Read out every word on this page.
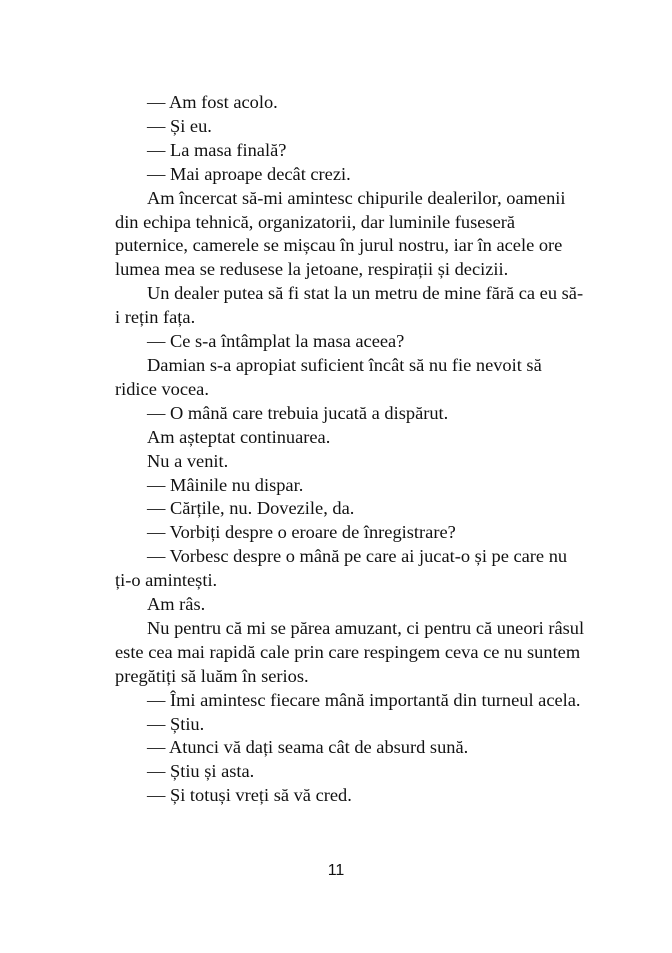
— Am fost acolo.

— Și eu.

— La masa finală?

— Mai aproape decât crezi.

Am încercat să-mi amintesc chipurile dealerilor, oamenii din echipa tehnică, organizatorii, dar luminile fuseseră puternice, camerele se mișcau în jurul nostru, iar în acele ore lumea mea se redusese la jetoane, respirații și decizii.

Un dealer putea să fi stat la un metru de mine fără ca eu să-i rețin fața.

— Ce s-a întâmplat la masa aceea?

Damian s-a apropiat suficient încât să nu fie nevoit să ridice vocea.

— O mână care trebuia jucată a dispărut.

Am așteptat continuarea.

Nu a venit.

— Mâinile nu dispar.

— Cărțile, nu. Dovezile, da.

— Vorbiți despre o eroare de înregistrare?

— Vorbesc despre o mână pe care ai jucat-o și pe care nu ți-o amintești.

Am râs.

Nu pentru că mi se părea amuzant, ci pentru că uneori râsul este cea mai rapidă cale prin care respingem ceva ce nu suntem pregătiți să luăm în serios.

— Îmi amintesc fiecare mână importantă din turneul acela.

— Știu.

— Atunci vă dați seama cât de absurd sună.

— Știu și asta.

— Și totuși vreți să vă cred.

11
